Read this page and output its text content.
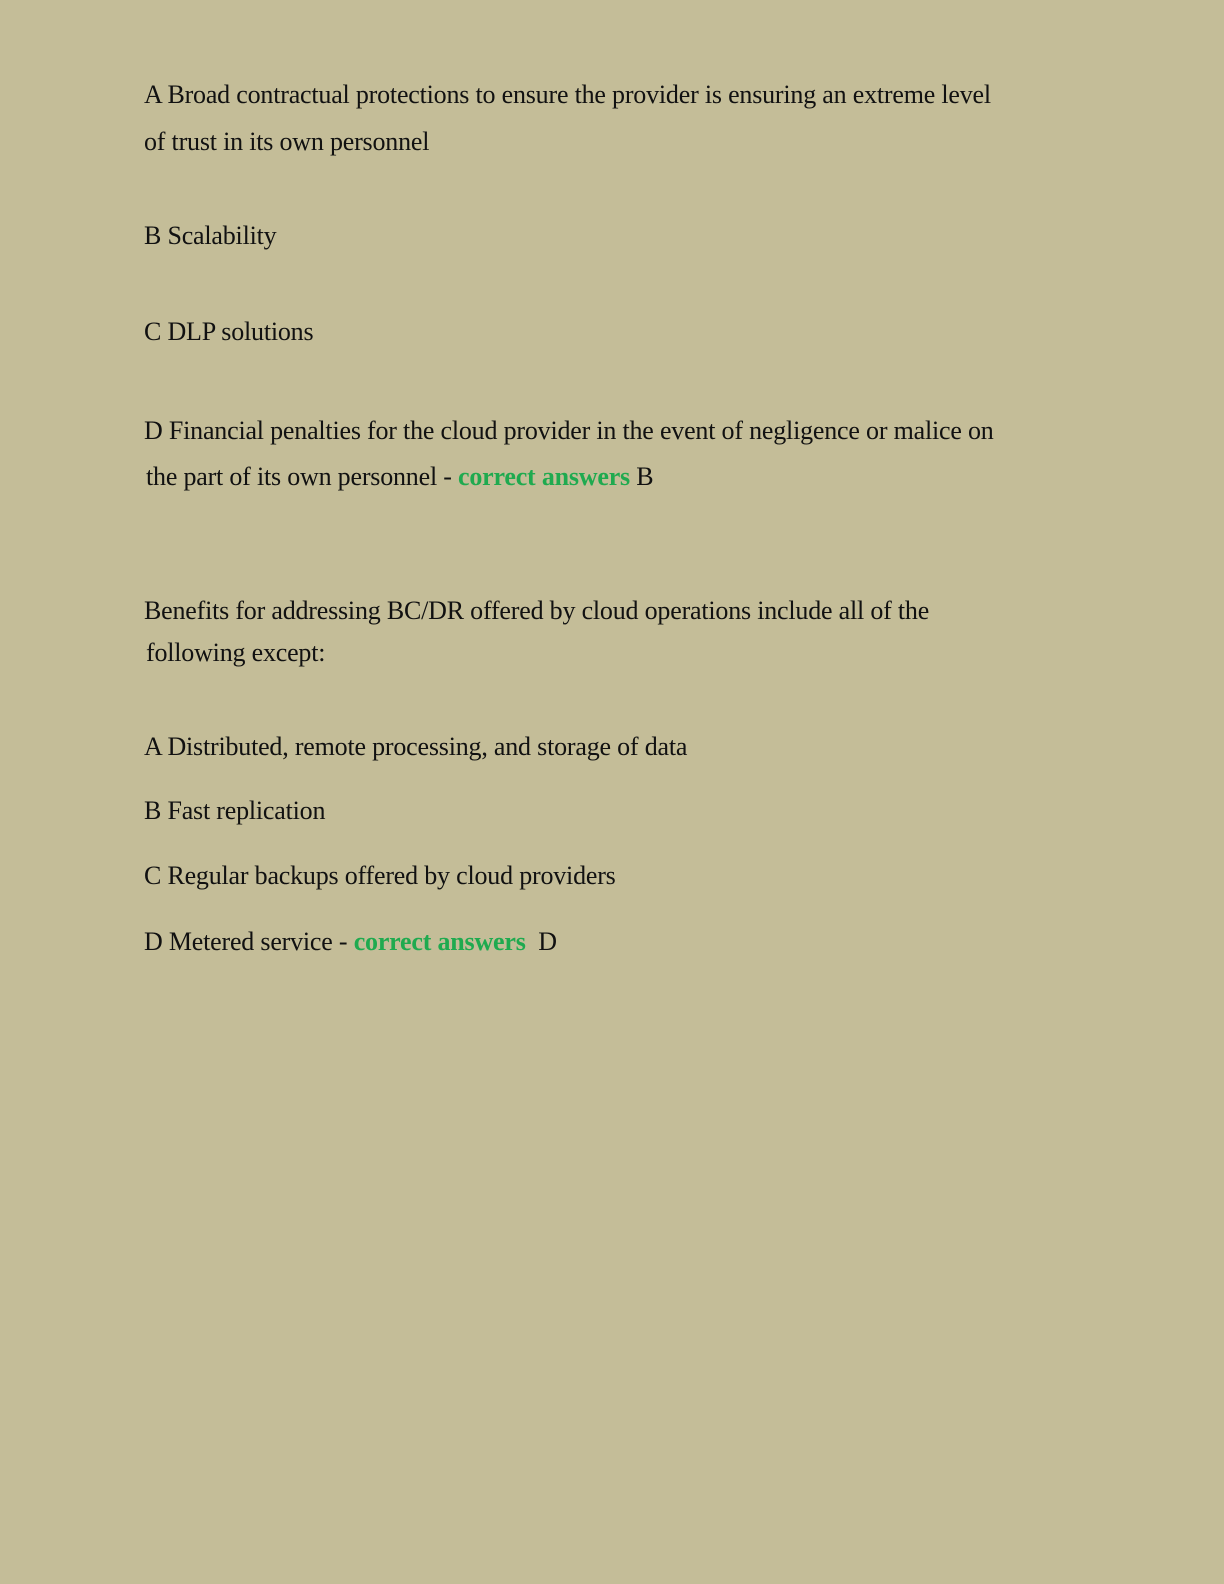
A Broad contractual protections to ensure the provider is ensuring an extreme level
of trust in its own personnel
B Scalability
C DLP solutions
D Financial penalties for the cloud provider in the event of negligence or malice on
the part of its own personnel - correct answers B
Benefits for addressing BC/DR offered by cloud operations include all of the
following except:
A Distributed, remote processing, and storage of data
B Fast replication
C Regular backups offered by cloud providers
D Metered service - correct answers  D
